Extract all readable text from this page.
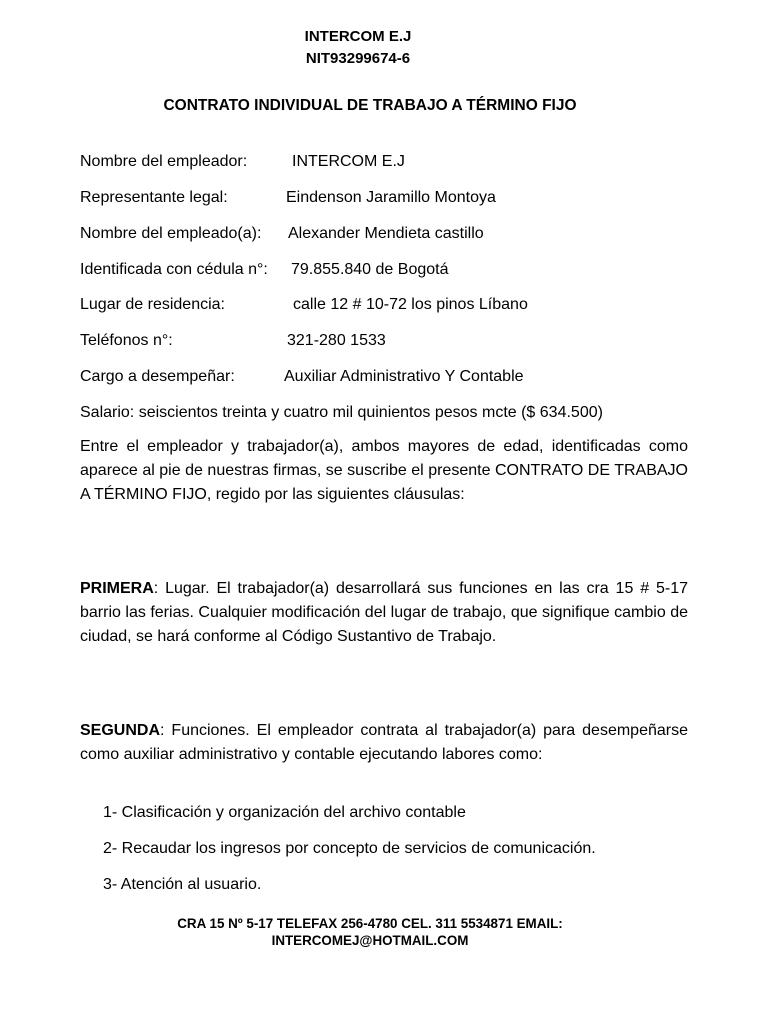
INTERCOM E.J
NIT93299674-6
CONTRATO INDIVIDUAL DE TRABAJO A TÉRMINO FIJO
Nombre del empleador:	INTERCOM E.J
Representante legal:	Eindenson Jaramillo Montoya
Nombre del empleado(a): Alexander Mendieta castillo
Identificada con cédula n°: 79.855.840 de Bogotá
Lugar de residencia:	calle 12 # 10-72 los pinos Líbano
Teléfonos n°:	321-280 1533
Cargo a desempeñar:	Auxiliar Administrativo Y Contable
Salario: seiscientos treinta y cuatro mil quinientos pesos mcte ($ 634.500)
Entre el empleador y trabajador(a), ambos mayores de edad, identificadas como aparece al pie de nuestras firmas, se suscribe el presente CONTRATO DE TRABAJO A TÉRMINO FIJO, regido por las siguientes cláusulas:
PRIMERA: Lugar. El trabajador(a) desarrollará sus funciones en las cra 15 # 5-17 barrio las ferias. Cualquier modificación del lugar de trabajo, que signifique cambio de ciudad, se hará conforme al Código Sustantivo de Trabajo.
SEGUNDA: Funciones. El empleador contrata al trabajador(a) para desempeñarse como auxiliar administrativo y contable ejecutando labores como:
1- Clasificación y organización del archivo contable
2- Recaudar los ingresos por concepto de servicios de comunicación.
3- Atención al usuario.
CRA 15 Nº 5-17 TELEFAX 256-4780 CEL. 311 5534871 EMAIL:
INTERCOMEJ@HOTMAIL.COM
